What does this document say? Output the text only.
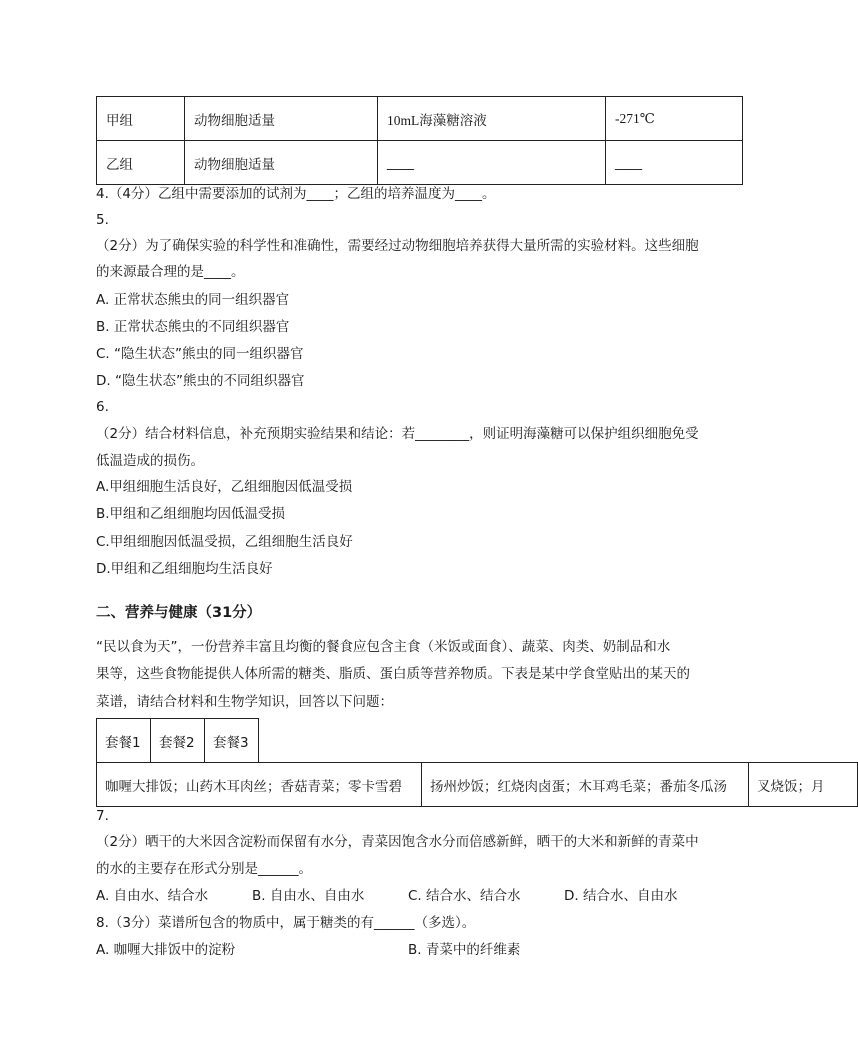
甲组	动物细胞适量	10mL海藻糖溶液	-271℃
乙组	动物细胞适量	____	____
4.（4分）乙组中需要添加的试剂为____；乙组的培养温度为____。
5.
（2分）为了确保实验的科学性和准确性，需要经过动物细胞培养获得大量所需的实验材料。这些细胞
的来源最合理的是____。
A. 正常状态熊虫的同一组织器官
B. 正常状态熊虫的不同组织器官
C. “隐生状态”熊虫的同一组织器官
D. “隐生状态”熊虫的不同组织器官
6.
（2分）结合材料信息，补充预期实验结果和结论：若________，则证明海藻糖可以保护组织细胞免受
低温造成的损伤。
A.甲组细胞生活良好，乙组细胞因低温受损
B.甲组和乙组细胞均因低温受损
C.甲组细胞因低温受损，乙组细胞生活良好
D.甲组和乙组细胞均生活良好
二、营养与健康（31分）
“民以食为天”，一份营养丰富且均衡的餐食应包含主食（米饭或面食）、蔬菜、肉类、奶制品和水
果等，这些食物能提供人体所需的糖类、脂质、蛋白质等营养物质。下表是某中学食堂贴出的某天的
菜谱，请结合材料和生物学知识，回答以下问题：
套餐1	套餐2	套餐3
咖喱大排饭；山药木耳肉丝；香菇青菜；零卡雪碧	扬州炒饭；红烧肉卤蛋；木耳鸡毛菜；番茄冬瓜汤	叉烧饭；月
7.
（2分）晒干的大米因含淀粉而保留有水分，青菜因饱含水分而倍感新鲜，晒干的大米和新鲜的青菜中
的水的主要存在形式分别是______。
A. 自由水、结合水	B. 自由水、自由水	C. 结合水、结合水	D. 结合水、自由水
8.（3分）菜谱所包含的物质中，属于糖类的有______（多选）。
A. 咖喱大排饭中的淀粉	B. 青菜中的纤维素
